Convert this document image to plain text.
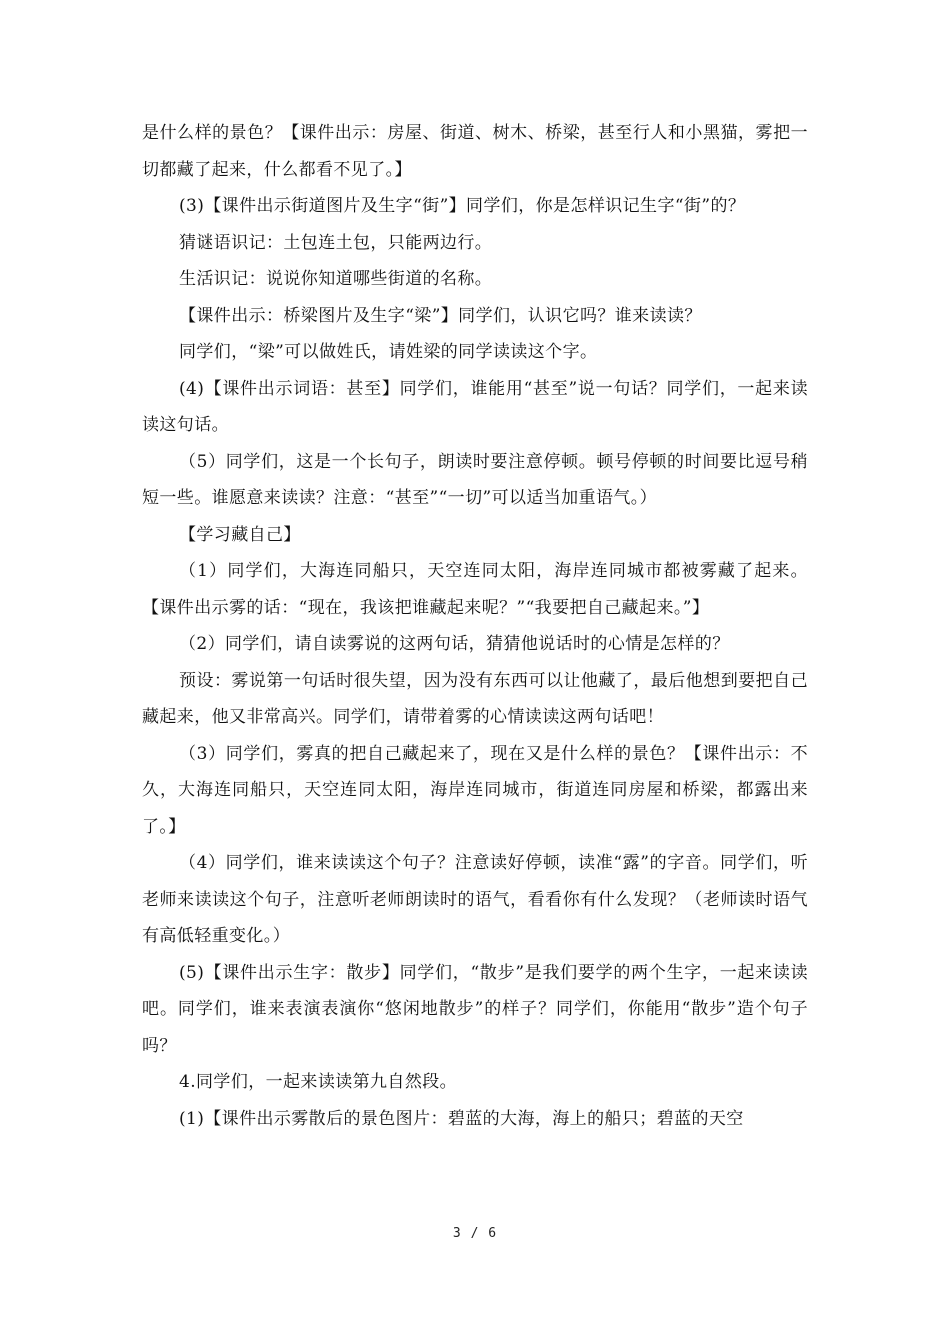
是什么样的景色？【课件出示：房屋、街道、树木、桥梁，甚至行人和小黑猫，雾把一切都藏了起来，什么都看不见了。】

(3)【课件出示街道图片及生字“街”】同学们，你是怎样识记生字“街”的？

猜谜语识记：土包连土包，只能两边行。

生活识记：说说你知道哪些街道的名称。

【课件出示：桥梁图片及生字“梁”】同学们，认识它吗？谁来读读？

同学们，“梁”可以做姓氏，请姓梁的同学读读这个字。

(4)【课件出示词语：甚至】同学们，谁能用“甚至”说一句话？同学们，一起来读读这句话。

（5）同学们，这是一个长句子，朗读时要注意停顿。顿号停顿的时间要比逗号稍短一些。谁愿意来读读？注意：“甚至”“一切”可以适当加重语气。）

【学习藏自己】

（1）同学们，大海连同船只，天空连同太阳，海岸连同城市都被雾藏了起来。【课件出示雾的话：“现在，我该把谁藏起来呢？”“我要把自己藏起来。”】

（2）同学们，请自读雾说的这两句话，猜猜他说话时的心情是怎样的？

预设：雾说第一句话时很失望，因为没有东西可以让他藏了，最后他想到要把自己藏起来，他又非常高兴。同学们，请带着雾的心情读读这两句话吧！

（3）同学们，雾真的把自己藏起来了，现在又是什么样的景色？【课件出示：不久，大海连同船只，天空连同太阳，海岸连同城市，街道连同房屋和桥梁，都露出来了。】

（4）同学们，谁来读读这个句子？注意读好停顿，读准“露”的字音。同学们，听老师来读读这个句子，注意听老师朗读时的语气，看看你有什么发现？（老师读时语气有高低轻重变化。）

(5)【课件出示生字：散步】同学们，“散步”是我们要学的两个生字，一起来读读吧。同学们，谁来表演表演你“悠闲地散步”的样子？同学们，你能用“散步”造个句子吗？

4.同学们，一起来读读第九自然段。

(1)【课件出示雾散后的景色图片：碧蓝的大海，海上的船只；碧蓝的天空

3 / 6
